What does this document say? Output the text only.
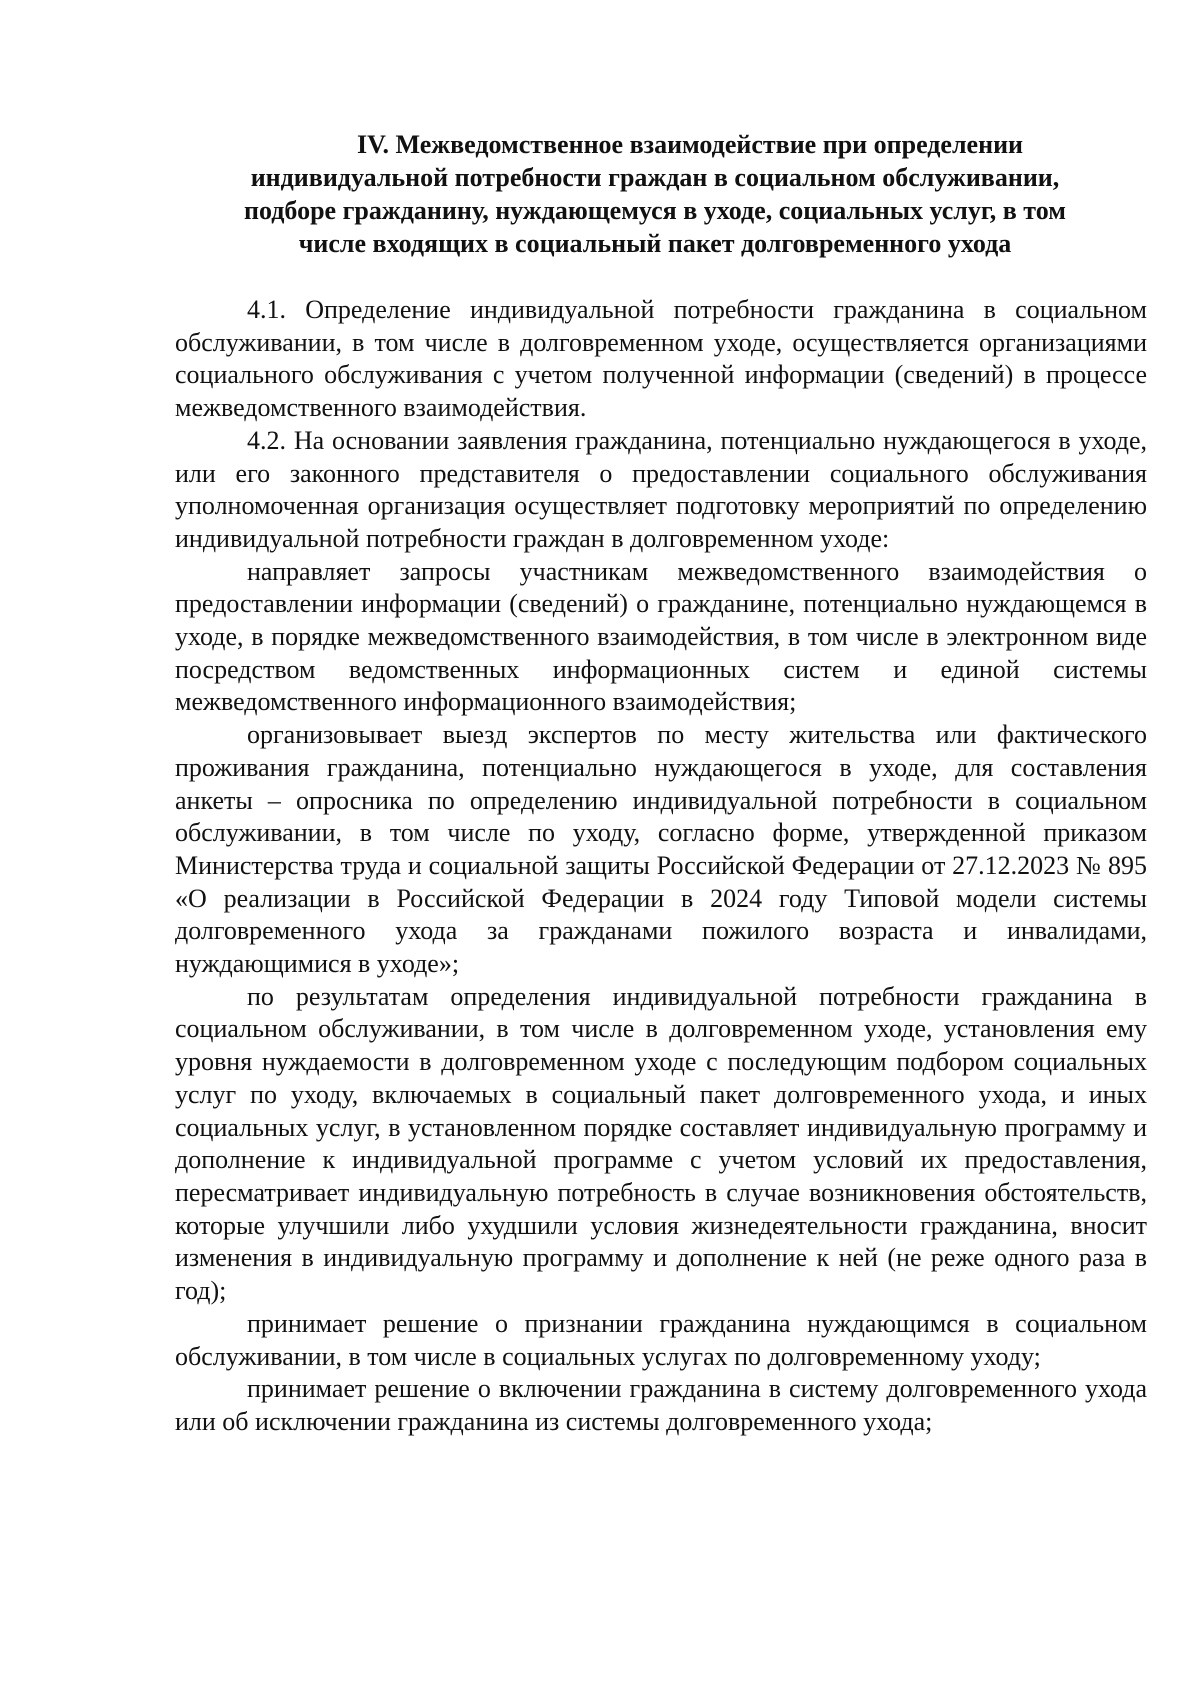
IV. Межведомственное взаимодействие при определении
индивидуальной потребности граждан в социальном обслуживании,
подборе гражданину, нуждающемуся в уходе, социальных услуг, в том
числе входящих в социальный пакет долговременного ухода

4.1. Определение индивидуальной потребности гражданина в социальном обслуживании, в том числе в долговременном уходе, осуществляется организациями социального обслуживания с учетом полученной информации (сведений) в процессе межведомственного взаимодействия.

4.2. На основании заявления гражданина, потенциально нуждающегося в уходе, или его законного представителя о предоставлении социального обслуживания уполномоченная организация осуществляет подготовку мероприятий по определению индивидуальной потребности граждан в долговременном уходе:

направляет запросы участникам межведомственного взаимодействия о предоставлении информации (сведений) о гражданине, потенциально нуждающемся в уходе, в порядке межведомственного взаимодействия, в том числе в электронном виде посредством ведомственных информационных систем и единой системы межведомственного информационного взаимодействия;

организовывает выезд экспертов по месту жительства или фактического проживания гражданина, потенциально нуждающегося в уходе, для составления анкеты – опросника по определению индивидуальной потребности в социальном обслуживании, в том числе по уходу, согласно форме, утвержденной приказом Министерства труда и социальной защиты Российской Федерации от 27.12.2023 № 895 «О реализации в Российской Федерации в 2024 году Типовой модели системы долговременного ухода за гражданами пожилого возраста и инвалидами, нуждающимися в уходе»;

по результатам определения индивидуальной потребности гражданина в социальном обслуживании, в том числе в долговременном уходе, установления ему уровня нуждаемости в долговременном уходе с последующим подбором социальных услуг по уходу, включаемых в социальный пакет долговременного ухода, и иных социальных услуг, в установленном порядке составляет индивидуальную программу и дополнение к индивидуальной программе с учетом условий их предоставления, пересматривает индивидуальную потребность в случае возникновения обстоятельств, которые улучшили либо ухудшили условия жизнедеятельности гражданина, вносит изменения в индивидуальную программу и дополнение к ней (не реже одного раза в год);

принимает решение о признании гражданина нуждающимся в социальном обслуживании, в том числе в социальных услугах по долговременному уходу;

принимает решение о включении гражданина в систему долговременного ухода или об исключении гражданина из системы долговременного ухода;
